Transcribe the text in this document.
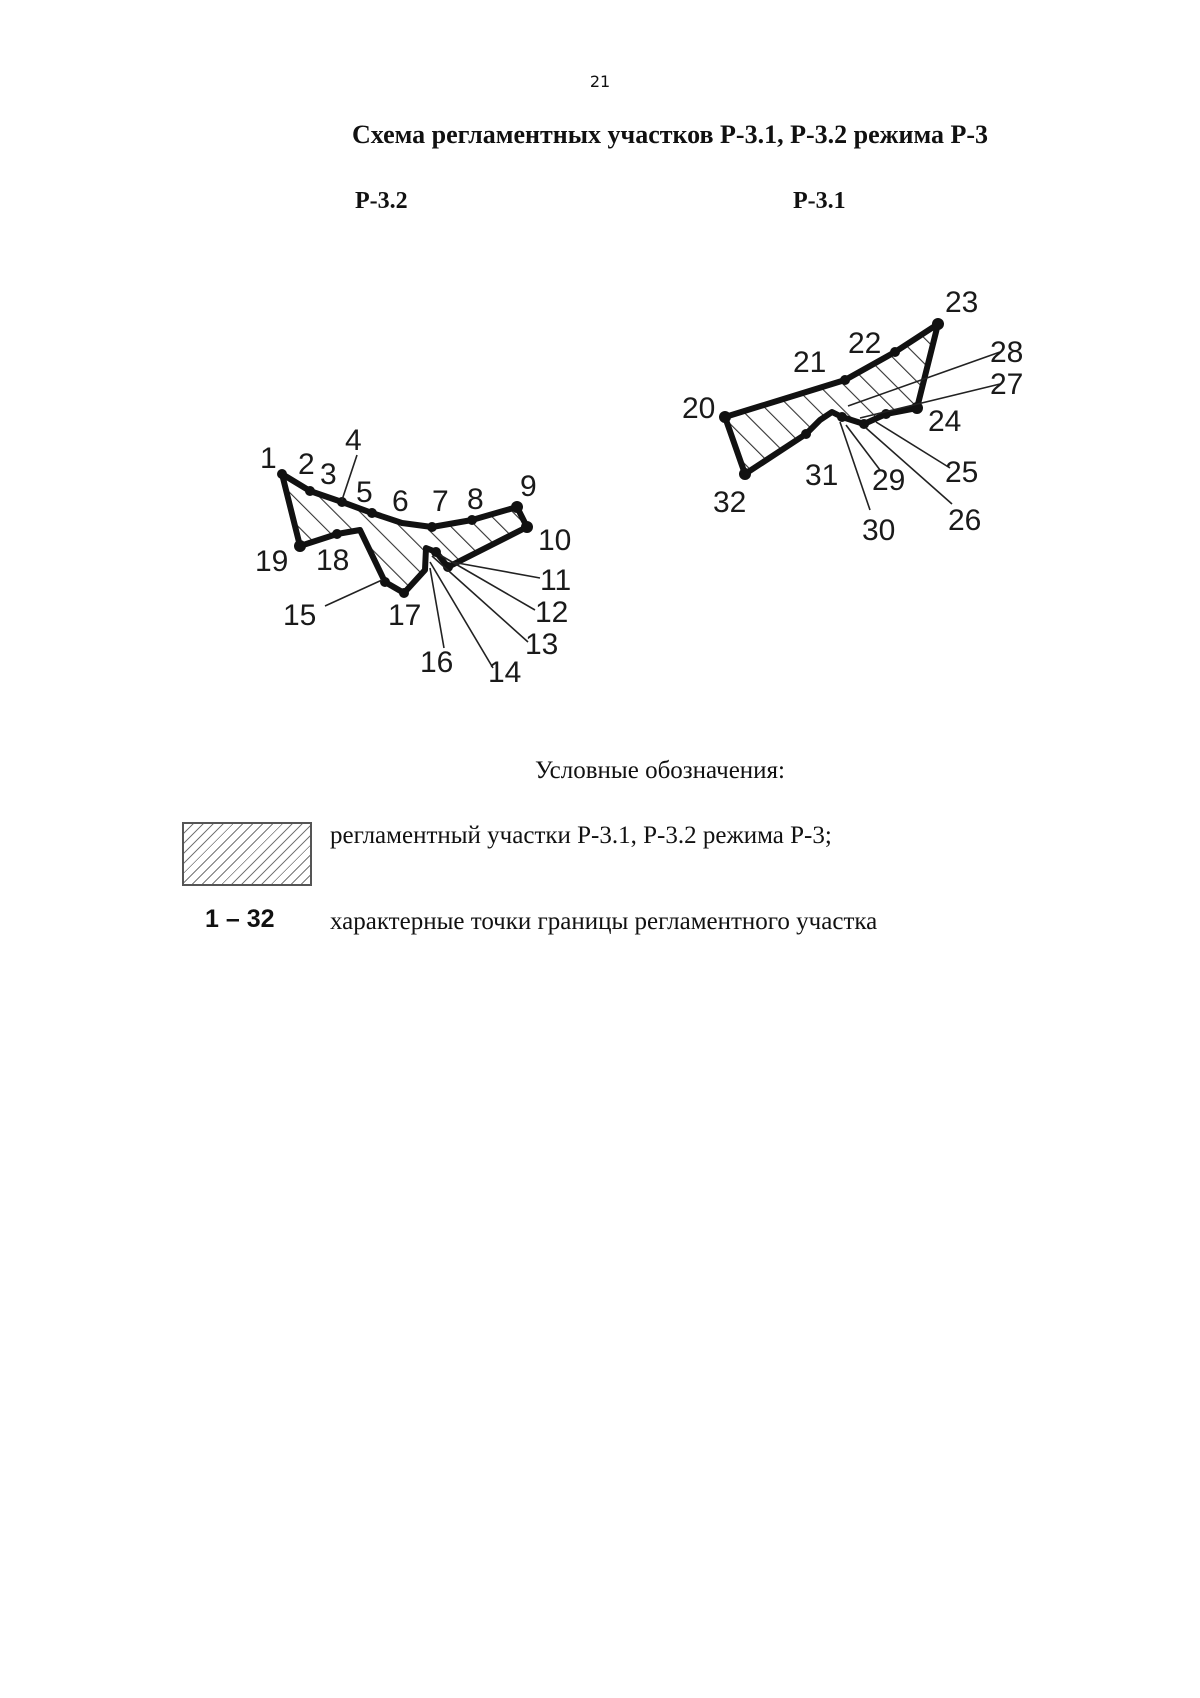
21
Схема регламентных участков Р-3.1, Р-3.2 режима Р-3
Р-3.2	Р-3.1
1 2 3
4
5 6 7 8 9
10
11
12
13
14
15
16
17
18
19
20
21
22
23
24
25
26
27
28
29
30
31
32
Условные обозначения:
регламентный участки Р-3.1, Р-3.2 режима Р-3;
1 – 32 характерные точки границы регламентного участка
